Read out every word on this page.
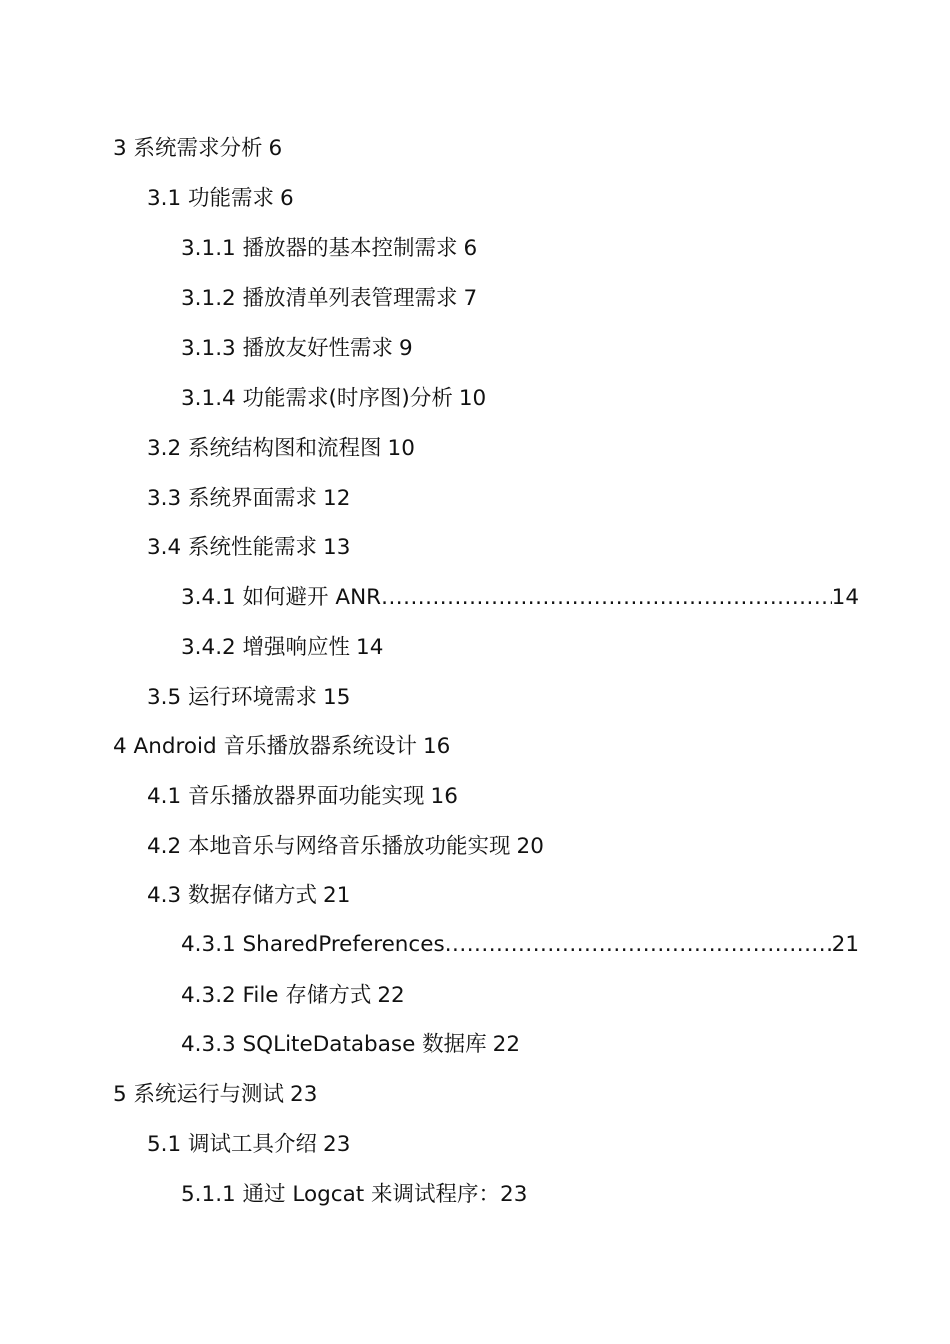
3 系统需求分析 6
3.1 功能需求 6
3.1.1 播放器的基本控制需求 6
3.1.2 播放清单列表管理需求 7
3.1.3 播放友好性需求 9
3.1.4 功能需求(时序图)分析 10
3.2 系统结构图和流程图 10
3.3 系统界面需求 12
3.4 系统性能需求 13
3.4.1 如何避开 ANR .....	14
3.4.2 增强响应性 14
3.5 运行环境需求 15
4 Android 音乐播放器系统设计 16
4.1 音乐播放器界面功能实现 16
4.2 本地音乐与网络音乐播放功能实现 20
4.3 数据存储方式 21
4.3.1 SharedPreferences .....	21
4.3.2 File 存储方式 22
4.3.3 SQLiteDatabase 数据库 22
5 系统运行与测试 23
5.1 调试工具介绍 23
5.1.1 通过 Logcat 来调试程序： 23
